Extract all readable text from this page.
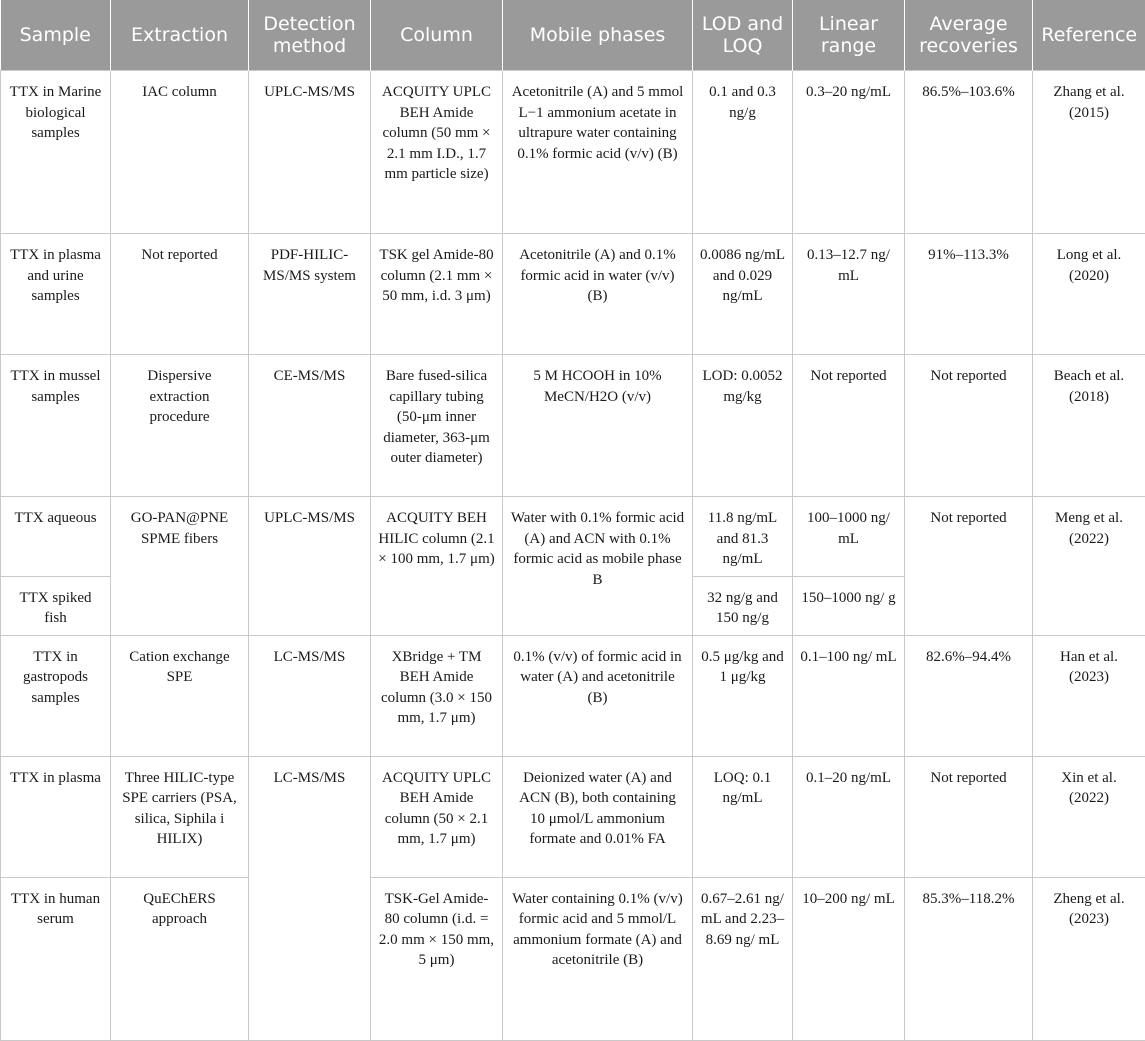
Sample	Extraction	Detection method	Column	Mobile phases	LOD and LOQ	Linear range	Average recoveries	Reference
TTX in Marine biological samples	IAC column	UPLC-MS/MS	ACQUITY UPLC BEH Amide column (50 mm × 2.1 mm I.D., 1.7 mm particle size)	Acetonitrile (A) and 5 mmol L−1 ammonium acetate in ultrapure water containing 0.1% formic acid (v/v) (B)	0.1 and 0.3 ng/g	0.3–20 ng/mL	86.5%–103.6%	Zhang et al. (2015)
TTX in plasma and urine samples	Not reported	PDF-HILIC-MS/MS system	TSK gel Amide-80 column (2.1 mm × 50 mm, i.d. 3 μm)	Acetonitrile (A) and 0.1% formic acid in water (v/v) (B)	0.0086 ng/mL and 0.029 ng/mL	0.13–12.7 ng/ mL	91%–113.3%	Long et al. (2020)
TTX in mussel samples	Dispersive extraction procedure	CE-MS/MS	Bare fused-silica capillary tubing (50-μm inner diameter, 363-μm outer diameter)	5 M HCOOH in 10% MeCN/H2O (v/v)	LOD: 0.0052 mg/kg	Not reported	Not reported	Beach et al. (2018)
TTX aqueous	GO-PAN@PNE SPME fibers	UPLC-MS/MS	ACQUITY BEH HILIC column (2.1 × 100 mm, 1.7 μm)	Water with 0.1% formic acid (A) and ACN with 0.1% formic acid as mobile phase B	11.8 ng/mL and 81.3 ng/mL	100–1000 ng/ mL	Not reported	Meng et al. (2022)
TTX spiked fish					32 ng/g and 150 ng/g	150–1000 ng/ g		
TTX in gastropods samples	Cation exchange SPE	LC-MS/MS	XBridge + TM BEH Amide column (3.0 × 150 mm, 1.7 μm)	0.1% (v/v) of formic acid in water (A) and acetonitrile (B)	0.5 μg/kg and 1 μg/kg	0.1–100 ng/ mL	82.6%–94.4%	Han et al. (2023)
TTX in plasma	Three HILIC-type SPE carriers (PSA, silica, Siphila i HILIX)	LC-MS/MS	ACQUITY UPLC BEH Amide column (50 × 2.1 mm, 1.7 μm)	Deionized water (A) and ACN (B), both containing 10 μmol/L ammonium formate and 0.01% FA	LOQ: 0.1 ng/mL	0.1–20 ng/mL	Not reported	Xin et al. (2022)
TTX in human serum	QuEChERS approach		TSK-Gel Amide-80 column (i.d. = 2.0 mm × 150 mm, 5 μm)	Water containing 0.1% (v/v) formic acid and 5 mmol/L ammonium formate (A) and acetonitrile (B)	0.67–2.61 ng/ mL and 2.23–8.69 ng/ mL	10–200 ng/ mL	85.3%–118.2%	Zheng et al. (2023)
